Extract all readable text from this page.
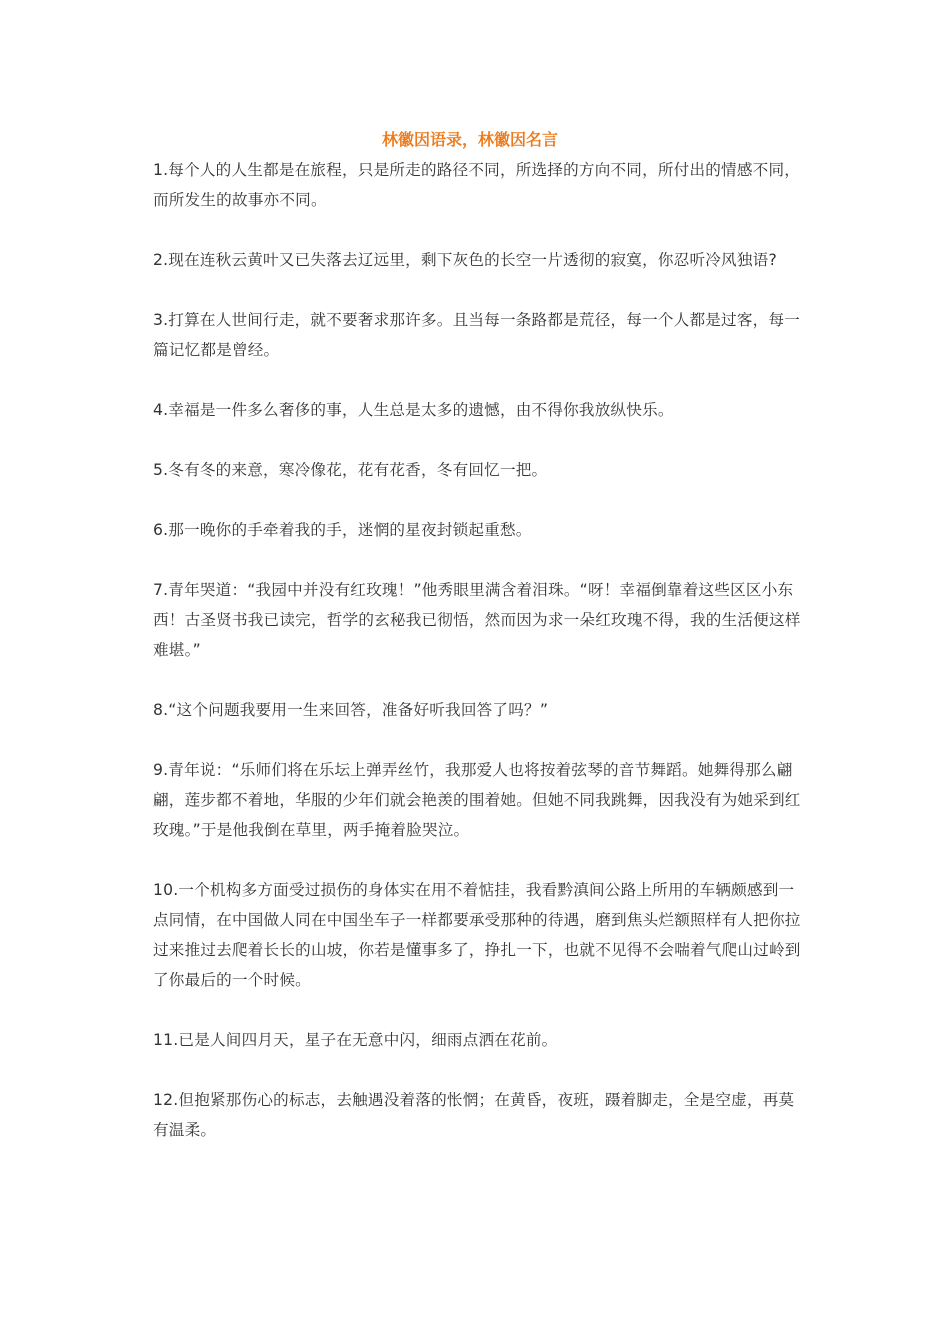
林徽因语录，林徽因名言

1.每个人的人生都是在旅程，只是所走的路径不同，所选择的方向不同，所付出的情感不同，而所发生的故事亦不同。

2.现在连秋云黄叶又已失落去辽远里，剩下灰色的长空一片透彻的寂寞，你忍听冷风独语?

3.打算在人世间行走，就不要奢求那许多。且当每一条路都是荒径，每一个人都是过客，每一篇记忆都是曾经。

4.幸福是一件多么奢侈的事，人生总是太多的遗憾，由不得你我放纵快乐。

5.冬有冬的来意，寒冷像花，花有花香，冬有回忆一把。

6.那一晚你的手牵着我的手，迷惘的星夜封锁起重愁。

7.青年哭道：“我园中并没有红玫瑰！”他秀眼里满含着泪珠。“呀！幸福倒靠着这些区区小东西！古圣贤书我已读完，哲学的玄秘我已彻悟，然而因为求一朵红玫瑰不得，我的生活便这样难堪。”

8.“这个问题我要用一生来回答，准备好听我回答了吗？”

9.青年说：“乐师们将在乐坛上弹弄丝竹，我那爱人也将按着弦琴的音节舞蹈。她舞得那么翩翩，莲步都不着地，华服的少年们就会艳羡的围着她。但她不同我跳舞，因我没有为她采到红玫瑰。”于是他我倒在草里，两手掩着脸哭泣。

10.一个机构多方面受过损伤的身体实在用不着惦挂，我看黔滇间公路上所用的车辆颇感到一点同情，在中国做人同在中国坐车子一样都要承受那种的待遇，磨到焦头烂额照样有人把你拉过来推过去爬着长长的山坡，你若是懂事多了，挣扎一下，也就不见得不会喘着气爬山过岭到了你最后的一个时候。

11.已是人间四月天，星子在无意中闪，细雨点洒在花前。

12.但抱紧那伤心的标志，去触遇没着落的怅惘；在黄昏，夜班，蹑着脚走，全是空虚，再莫有温柔。
